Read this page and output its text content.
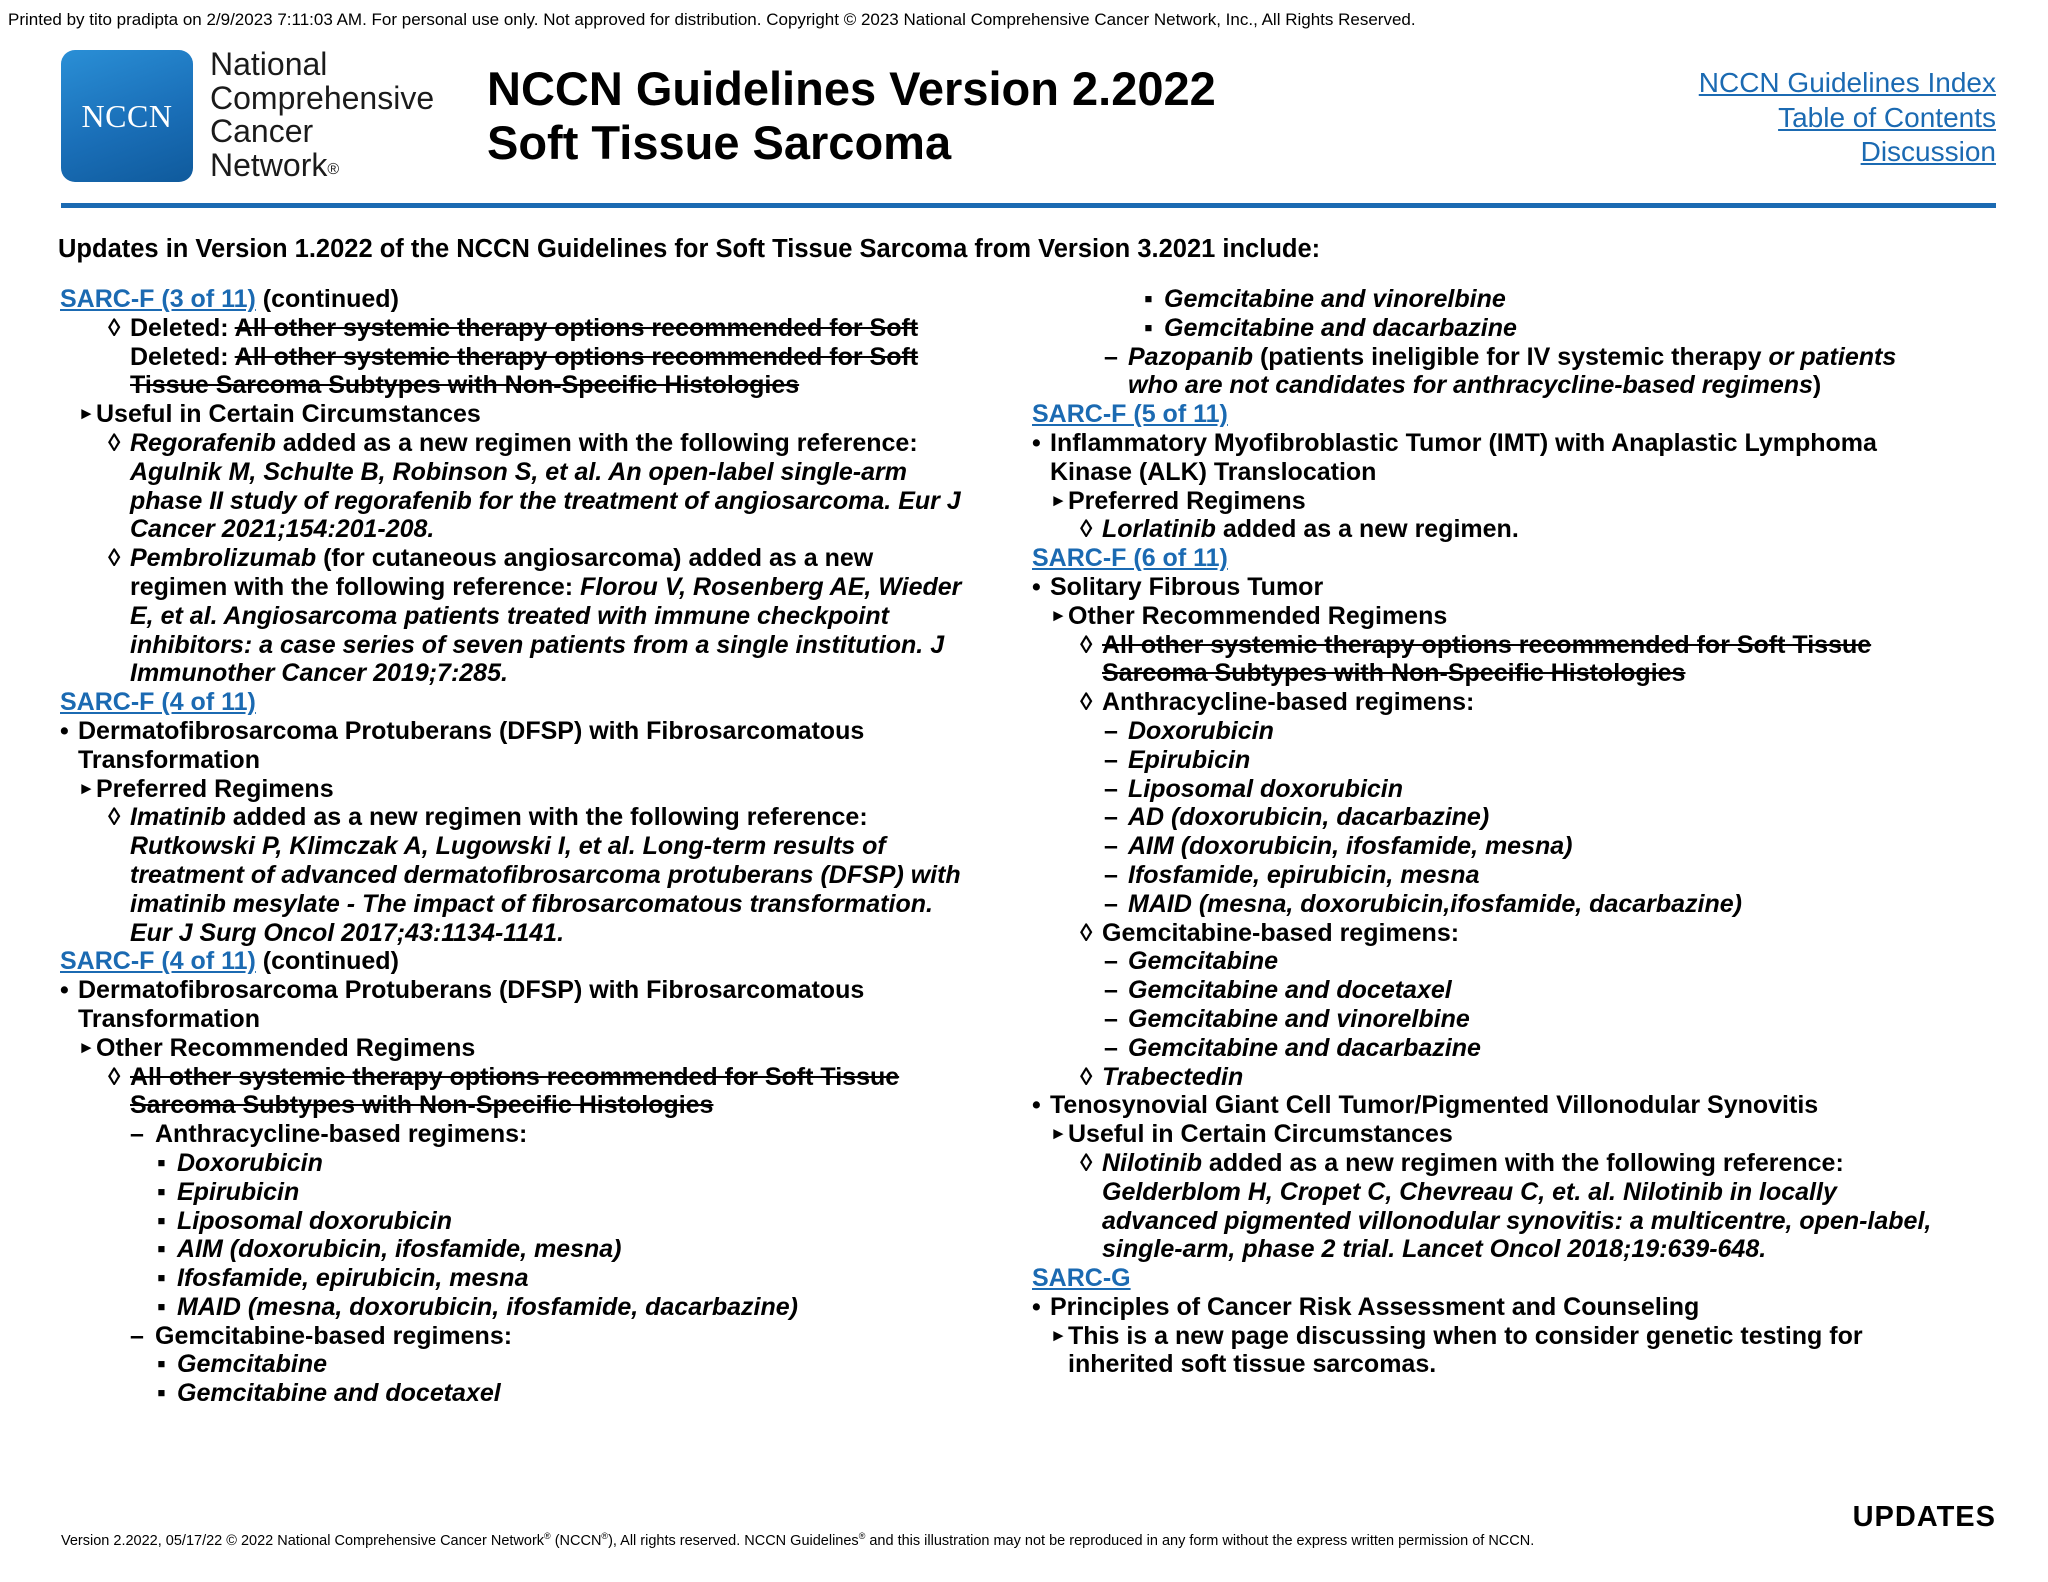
Printed by tito pradipta on 2/9/2023 7:11:03 AM. For personal use only. Not approved for distribution. Copyright © 2023 National Comprehensive Cancer Network, Inc., All Rights Reserved.
NCCN
National
Comprehensive
Cancer
Network®
NCCN Guidelines Version 2.2022
Soft Tissue Sarcoma
NCCN Guidelines Index
Table of Contents
Discussion
Updates in Version 1.2022 of the NCCN Guidelines for Soft Tissue Sarcoma from Version 3.2021 include:
SARC-F (3 of 11) (continued)
◊ Deleted: All other systemic therapy options recommended for Soft
Deleted: All other systemic therapy options recommended for Soft
Tissue Sarcoma Subtypes with Non-Specific Histologies
► Useful in Certain Circumstances
◊ Regorafenib added as a new regimen with the following reference:
Agulnik M, Schulte B, Robinson S, et al. An open-label single-arm
phase II study of regorafenib for the treatment of angiosarcoma. Eur J
Cancer 2021;154:201-208.
◊ Pembrolizumab (for cutaneous angiosarcoma) added as a new
regimen with the following reference: Florou V, Rosenberg AE, Wieder
E, et al. Angiosarcoma patients treated with immune checkpoint
inhibitors: a case series of seven patients from a single institution. J
Immunother Cancer 2019;7:285.
SARC-F (4 of 11)
• Dermatofibrosarcoma Protuberans (DFSP) with Fibrosarcomatous
Transformation
► Preferred Regimens
◊ Imatinib added as a new regimen with the following reference:
Rutkowski P, Klimczak A, Lugowski I, et al. Long-term results of
treatment of advanced dermatofibrosarcoma protuberans (DFSP) with
imatinib mesylate - The impact of fibrosarcomatous transformation.
Eur J Surg Oncol 2017;43:1134-1141.
SARC-F (4 of 11) (continued)
• Dermatofibrosarcoma Protuberans (DFSP) with Fibrosarcomatous
Transformation
► Other Recommended Regimens
◊ All other systemic therapy options recommended for Soft Tissue
Sarcoma Subtypes with Non-Specific Histologies
– Anthracycline-based regimens:
▪ Doxorubicin
▪ Epirubicin
▪ Liposomal doxorubicin
▪ AIM (doxorubicin, ifosfamide, mesna)
▪ Ifosfamide, epirubicin, mesna
▪ MAID (mesna, doxorubicin, ifosfamide, dacarbazine)
– Gemcitabine-based regimens:
▪ Gemcitabine
▪ Gemcitabine and docetaxel
▪ Gemcitabine and vinorelbine
▪ Gemcitabine and dacarbazine
– Pazopanib (patients ineligible for IV systemic therapy or patients
who are not candidates for anthracycline-based regimens)
SARC-F (5 of 11)
• Inflammatory Myofibroblastic Tumor (IMT) with Anaplastic Lymphoma
Kinase (ALK) Translocation
► Preferred Regimens
◊ Lorlatinib added as a new regimen.
SARC-F (6 of 11)
• Solitary Fibrous Tumor
► Other Recommended Regimens
◊ All other systemic therapy options recommended for Soft Tissue
Sarcoma Subtypes with Non-Specific Histologies
◊ Anthracycline-based regimens:
– Doxorubicin
– Epirubicin
– Liposomal doxorubicin
– AD (doxorubicin, dacarbazine)
– AIM (doxorubicin, ifosfamide, mesna)
– Ifosfamide, epirubicin, mesna
– MAID (mesna, doxorubicin,ifosfamide, dacarbazine)
◊ Gemcitabine-based regimens:
– Gemcitabine
– Gemcitabine and docetaxel
– Gemcitabine and vinorelbine
– Gemcitabine and dacarbazine
◊ Trabectedin
• Tenosynovial Giant Cell Tumor/Pigmented Villonodular Synovitis
► Useful in Certain Circumstances
◊ Nilotinib added as a new regimen with the following reference:
Gelderblom H, Cropet C, Chevreau C, et. al. Nilotinib in locally
advanced pigmented villonodular synovitis: a multicentre, open-label,
single-arm, phase 2 trial. Lancet Oncol 2018;19:639-648.
SARC-G
• Principles of Cancer Risk Assessment and Counseling
► This is a new page discussing when to consider genetic testing for
inherited soft tissue sarcomas.
Version 2.2022, 05/17/22 © 2022 National Comprehensive Cancer Network® (NCCN®), All rights reserved. NCCN Guidelines® and this illustration may not be reproduced in any form without the express written permission of NCCN.
UPDATES
